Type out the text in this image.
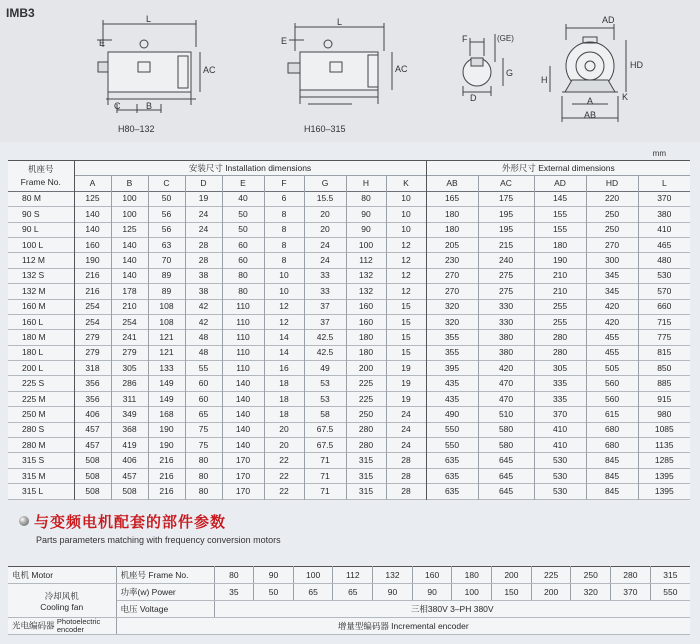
IMB3	L
E
AC
C	B
H80–132
L
E
AC
H160–315
F	(GE)
G
D
AD
HD
H
A	K
AB
mm
机座号
Frame No.	安装尺寸 Installation dimensions									外形尺寸 External dimensions				
	A	B	C	D	E	F	G	H	K	AB	AC	AD	HD	L
80 M	125	100	50	19	40	6	15.5	80	10	165	175	145	220	370
90 S	140	100	56	24	50	8	20	90	10	180	195	155	250	380
90 L	140	125	56	24	50	8	20	90	10	180	195	155	250	410
100 L	160	140	63	28	60	8	24	100	12	205	215	180	270	465
112 M	190	140	70	28	60	8	24	112	12	230	240	190	300	480
132 S	216	140	89	38	80	10	33	132	12	270	275	210	345	530
132 M	216	178	89	38	80	10	33	132	12	270	275	210	345	570
160 M	254	210	108	42	110	12	37	160	15	320	330	255	420	660
160 L	254	254	108	42	110	12	37	160	15	320	330	255	420	715
180 M	279	241	121	48	110	14	42.5	180	15	355	380	280	455	775
180 L	279	279	121	48	110	14	42.5	180	15	355	380	280	455	815
200 L	318	305	133	55	110	16	49	200	19	395	420	305	505	850
225 S	356	286	149	60	140	18	53	225	19	435	470	335	560	885
225 M	356	311	149	60	140	18	53	225	19	435	470	335	560	915
250 M	406	349	168	65	140	18	58	250	24	490	510	370	615	980
280 S	457	368	190	75	140	20	67.5	280	24	550	580	410	680	1085
280 M	457	419	190	75	140	20	67.5	280	24	550	580	410	680	1135
315 S	508	406	216	80	170	22	71	315	28	635	645	530	845	1285
315 M	508	457	216	80	170	22	71	315	28	635	645	530	845	1395
315 L	508	508	216	80	170	22	71	315	28	635	645	530	845	1395
与变频电机配套的部件参数
Parts parameters matching with frequency conversion motors
电机 Motor	机座号 Frame No.	80	90	100	112	132	160	180	200	225	250	280	315

冷却风机
Cooling fan	功率(w) Power	35	50	65	65	90	90	100	150	200	320	370	550
	电压 Voltage	三相380V 3–PH 380V											
光电编码器 Photoelectric
encoder	增量型编码器 Incremental encoder												
